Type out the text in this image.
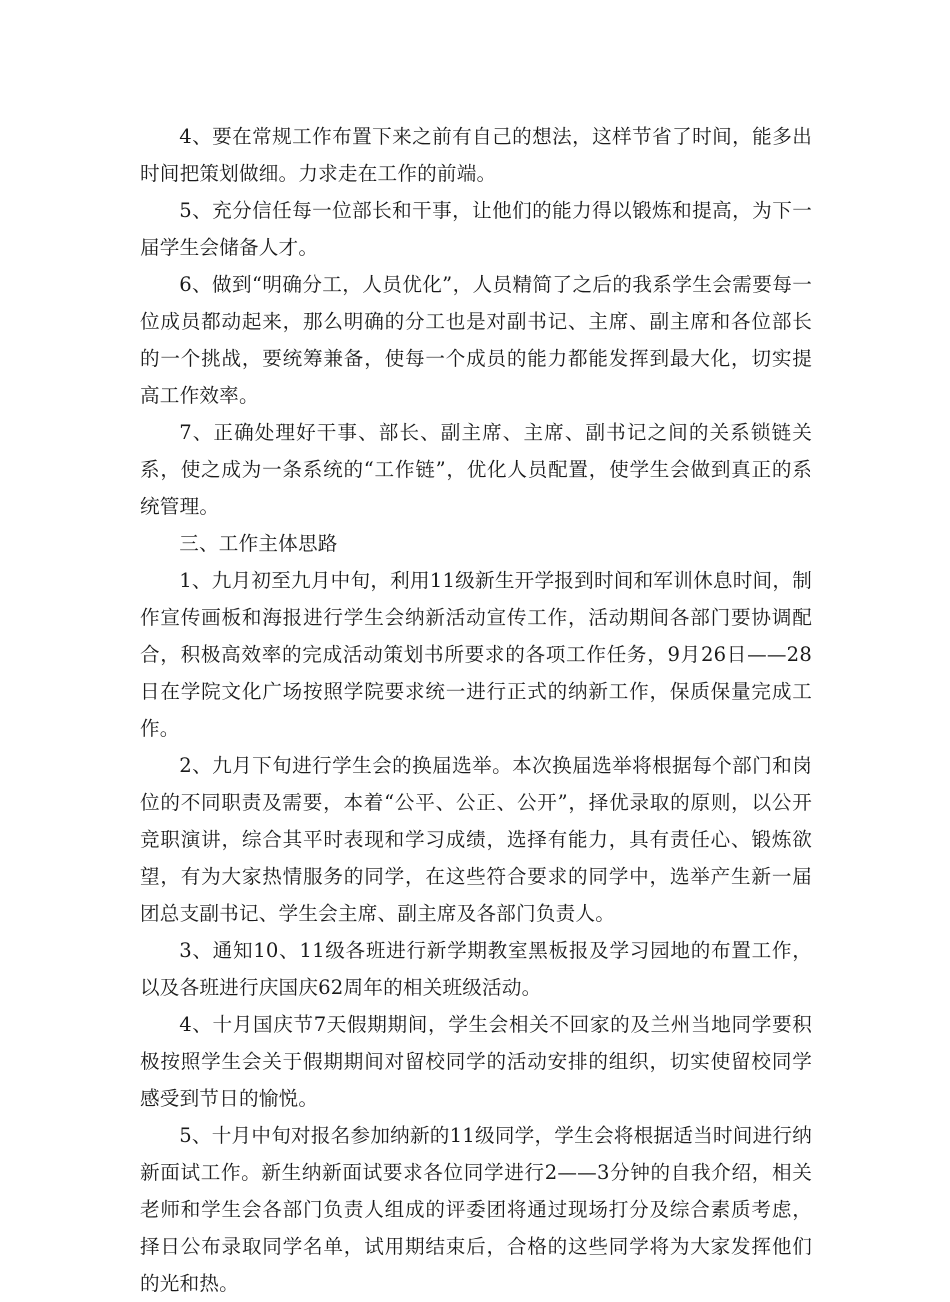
4、要在常规工作布置下来之前有自己的想法，这样节省了时间，能多出时间把策划做细。力求走在工作的前端。

5、充分信任每一位部长和干事，让他们的能力得以锻炼和提高，为下一届学生会储备人才。

6、做到“明确分工，人员优化”，人员精简了之后的我系学生会需要每一位成员都动起来，那么明确的分工也是对副书记、主席、副主席和各位部长的一个挑战，要统筹兼备，使每一个成员的能力都能发挥到最大化，切实提高工作效率。

7、正确处理好干事、部长、副主席、主席、副书记之间的关系锁链关系，使之成为一条系统的“工作链”，优化人员配置，使学生会做到真正的系统管理。

三、工作主体思路

1、九月初至九月中旬，利用11级新生开学报到时间和军训休息时间，制作宣传画板和海报进行学生会纳新活动宣传工作，活动期间各部门要协调配合，积极高效率的完成活动策划书所要求的各项工作任务，9月26日——28日在学院文化广场按照学院要求统一进行正式的纳新工作，保质保量完成工作。

2、九月下旬进行学生会的换届选举。本次换届选举将根据每个部门和岗位的不同职责及需要，本着“公平、公正、公开”，择优录取的原则，以公开竞职演讲，综合其平时表现和学习成绩，选择有能力，具有责任心、锻炼欲望，有为大家热情服务的同学，在这些符合要求的同学中，选举产生新一届团总支副书记、学生会主席、副主席及各部门负责人。

3、通知10、11级各班进行新学期教室黑板报及学习园地的布置工作，以及各班进行庆国庆62周年的相关班级活动。

4、十月国庆节7天假期期间，学生会相关不回家的及兰州当地同学要积极按照学生会关于假期期间对留校同学的活动安排的组织，切实使留校同学感受到节日的愉悦。

5、十月中旬对报名参加纳新的11级同学，学生会将根据适当时间进行纳新面试工作。新生纳新面试要求各位同学进行2——3分钟的自我介绍，相关老师和学生会各部门负责人组成的评委团将通过现场打分及综合素质考虑，择日公布录取同学名单，试用期结束后，合格的这些同学将为大家发挥他们的光和热。
